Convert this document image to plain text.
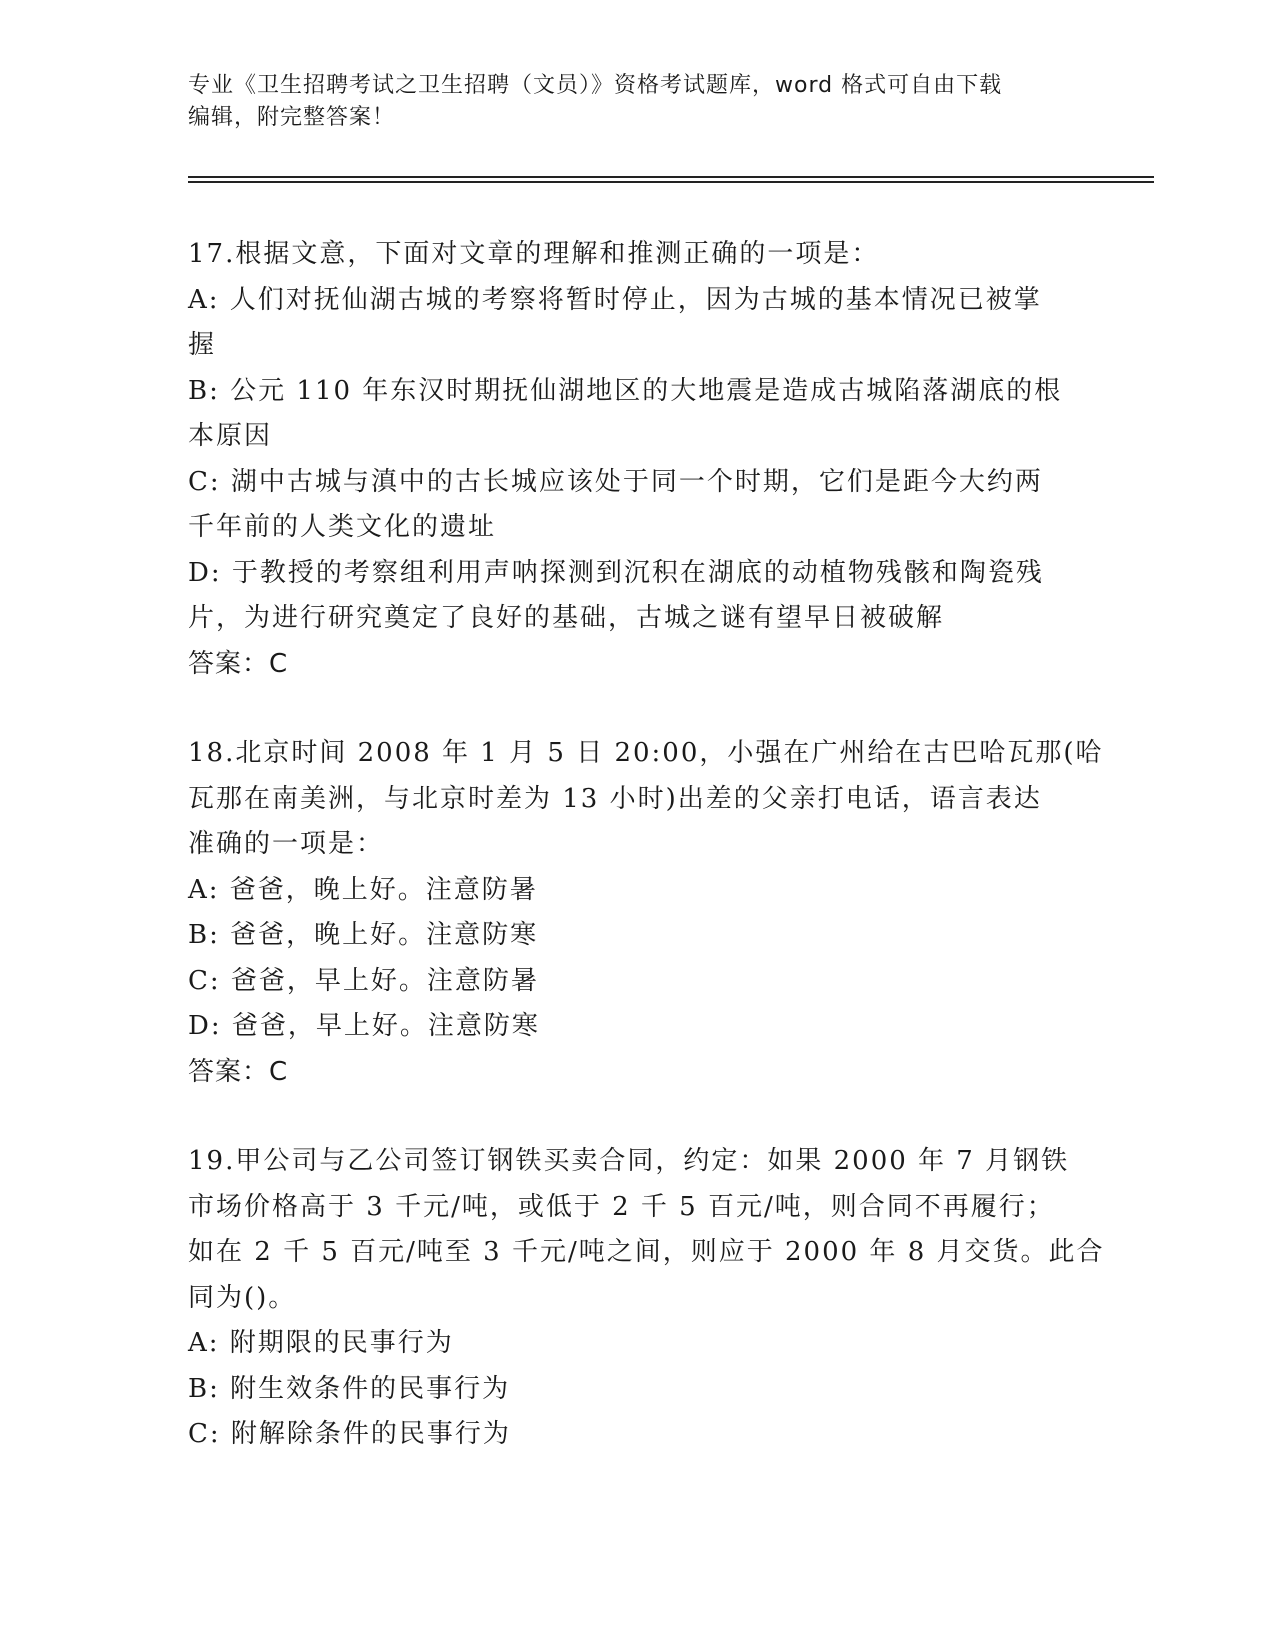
专业《卫生招聘考试之卫生招聘（文员）》资格考试题库，word 格式可自由下载
编辑，附完整答案！
17.根据文意，下面对文章的理解和推测正确的一项是：
A: 人们对抚仙湖古城的考察将暂时停止，因为古城的基本情况已被掌
握
B: 公元 110 年东汉时期抚仙湖地区的大地震是造成古城陷落湖底的根
本原因
C: 湖中古城与滇中的古长城应该处于同一个时期，它们是距今大约两
千年前的人类文化的遗址
D: 于教授的考察组利用声呐探测到沉积在湖底的动植物残骸和陶瓷残
片，为进行研究奠定了良好的基础，古城之谜有望早日被破解
答案：C
18.北京时间 2008 年 1 月 5 日 20:00，小强在广州给在古巴哈瓦那(哈
瓦那在南美洲，与北京时差为 13 小时)出差的父亲打电话，语言表达
准确的一项是：
A: 爸爸，晚上好。注意防暑
B: 爸爸，晚上好。注意防寒
C: 爸爸，早上好。注意防暑
D: 爸爸，早上好。注意防寒
答案：C
19.甲公司与乙公司签订钢铁买卖合同，约定：如果 2000 年 7 月钢铁
市场价格高于 3 千元/吨，或低于 2 千 5 百元/吨，则合同不再履行；
如在 2 千 5 百元/吨至 3 千元/吨之间，则应于 2000 年 8 月交货。此合
同为()。
A: 附期限的民事行为
B: 附生效条件的民事行为
C: 附解除条件的民事行为
